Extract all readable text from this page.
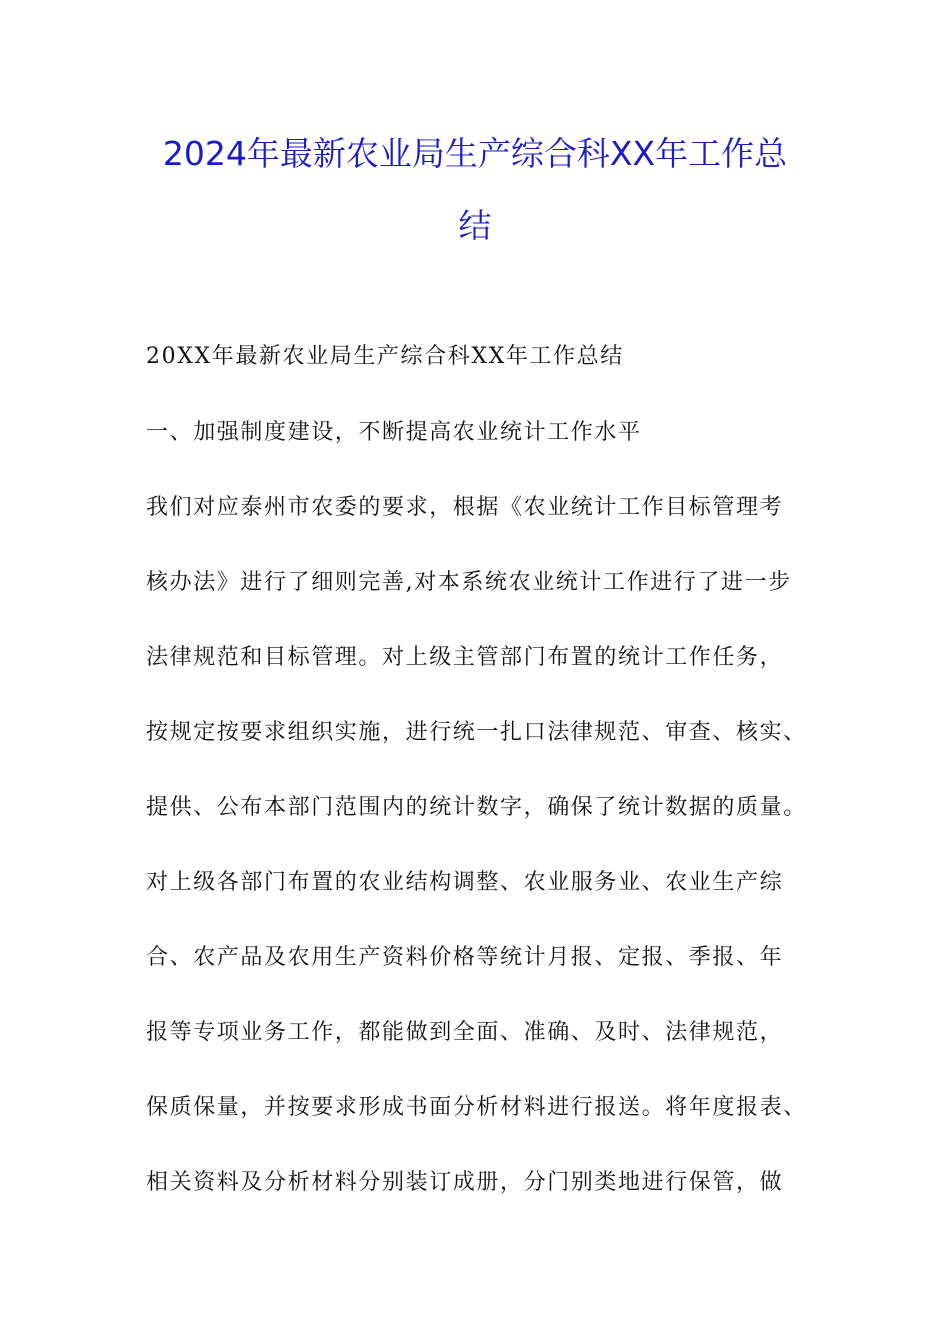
2024年最新农业局生产综合科XX年工作总
结
20XX年最新农业局生产综合科XX年工作总结
一、加强制度建设，不断提高农业统计工作水平
我们对应泰州市农委的要求，根据《农业统计工作目标管理考
核办法》进行了细则完善,对本系统农业统计工作进行了进一步
法律规范和目标管理。对上级主管部门布置的统计工作任务，
按规定按要求组织实施，进行统一扎口法律规范、审查、核实、
提供、公布本部门范围内的统计数字，确保了统计数据的质量。
对上级各部门布置的农业结构调整、农业服务业、农业生产综
合、农产品及农用生产资料价格等统计月报、定报、季报、年
报等专项业务工作，都能做到全面、准确、及时、法律规范，
保质保量，并按要求形成书面分析材料进行报送。将年度报表、
相关资料及分析材料分别装订成册，分门别类地进行保管，做
